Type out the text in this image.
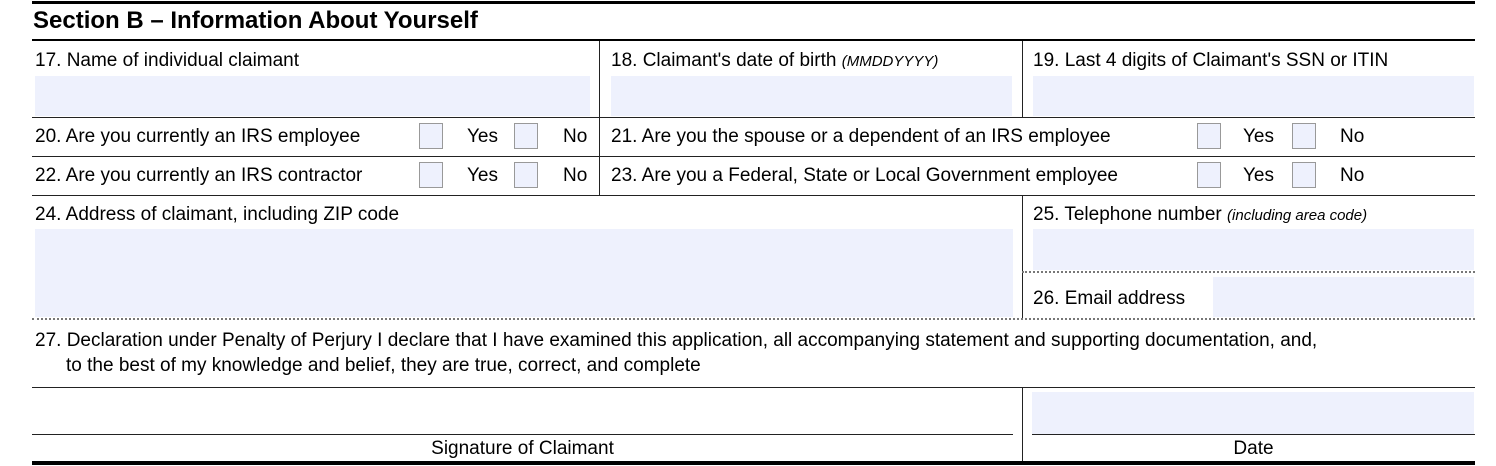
Section B – Information About Yourself
17. Name of individual claimant	18. Claimant's date of birth (MMDDYYYY)	19. Last 4 digits of Claimant's SSN or ITIN
20. Are you currently an IRS employee	Yes	No 21. Are you the spouse or a dependent of an IRS employee	Yes	No
22. Are you currently an IRS contractor	Yes	No 23. Are you a Federal, State or Local Government employee	Yes	No
24. Address of claimant, including ZIP code	25. Telephone number (including area code)
26. Email address
27. Declaration under Penalty of Perjury I declare that I have examined this application, all accompanying statement and supporting documentation, and,
to the best of my knowledge and belief, they are true, correct, and complete
Signature of Claimant	Date
